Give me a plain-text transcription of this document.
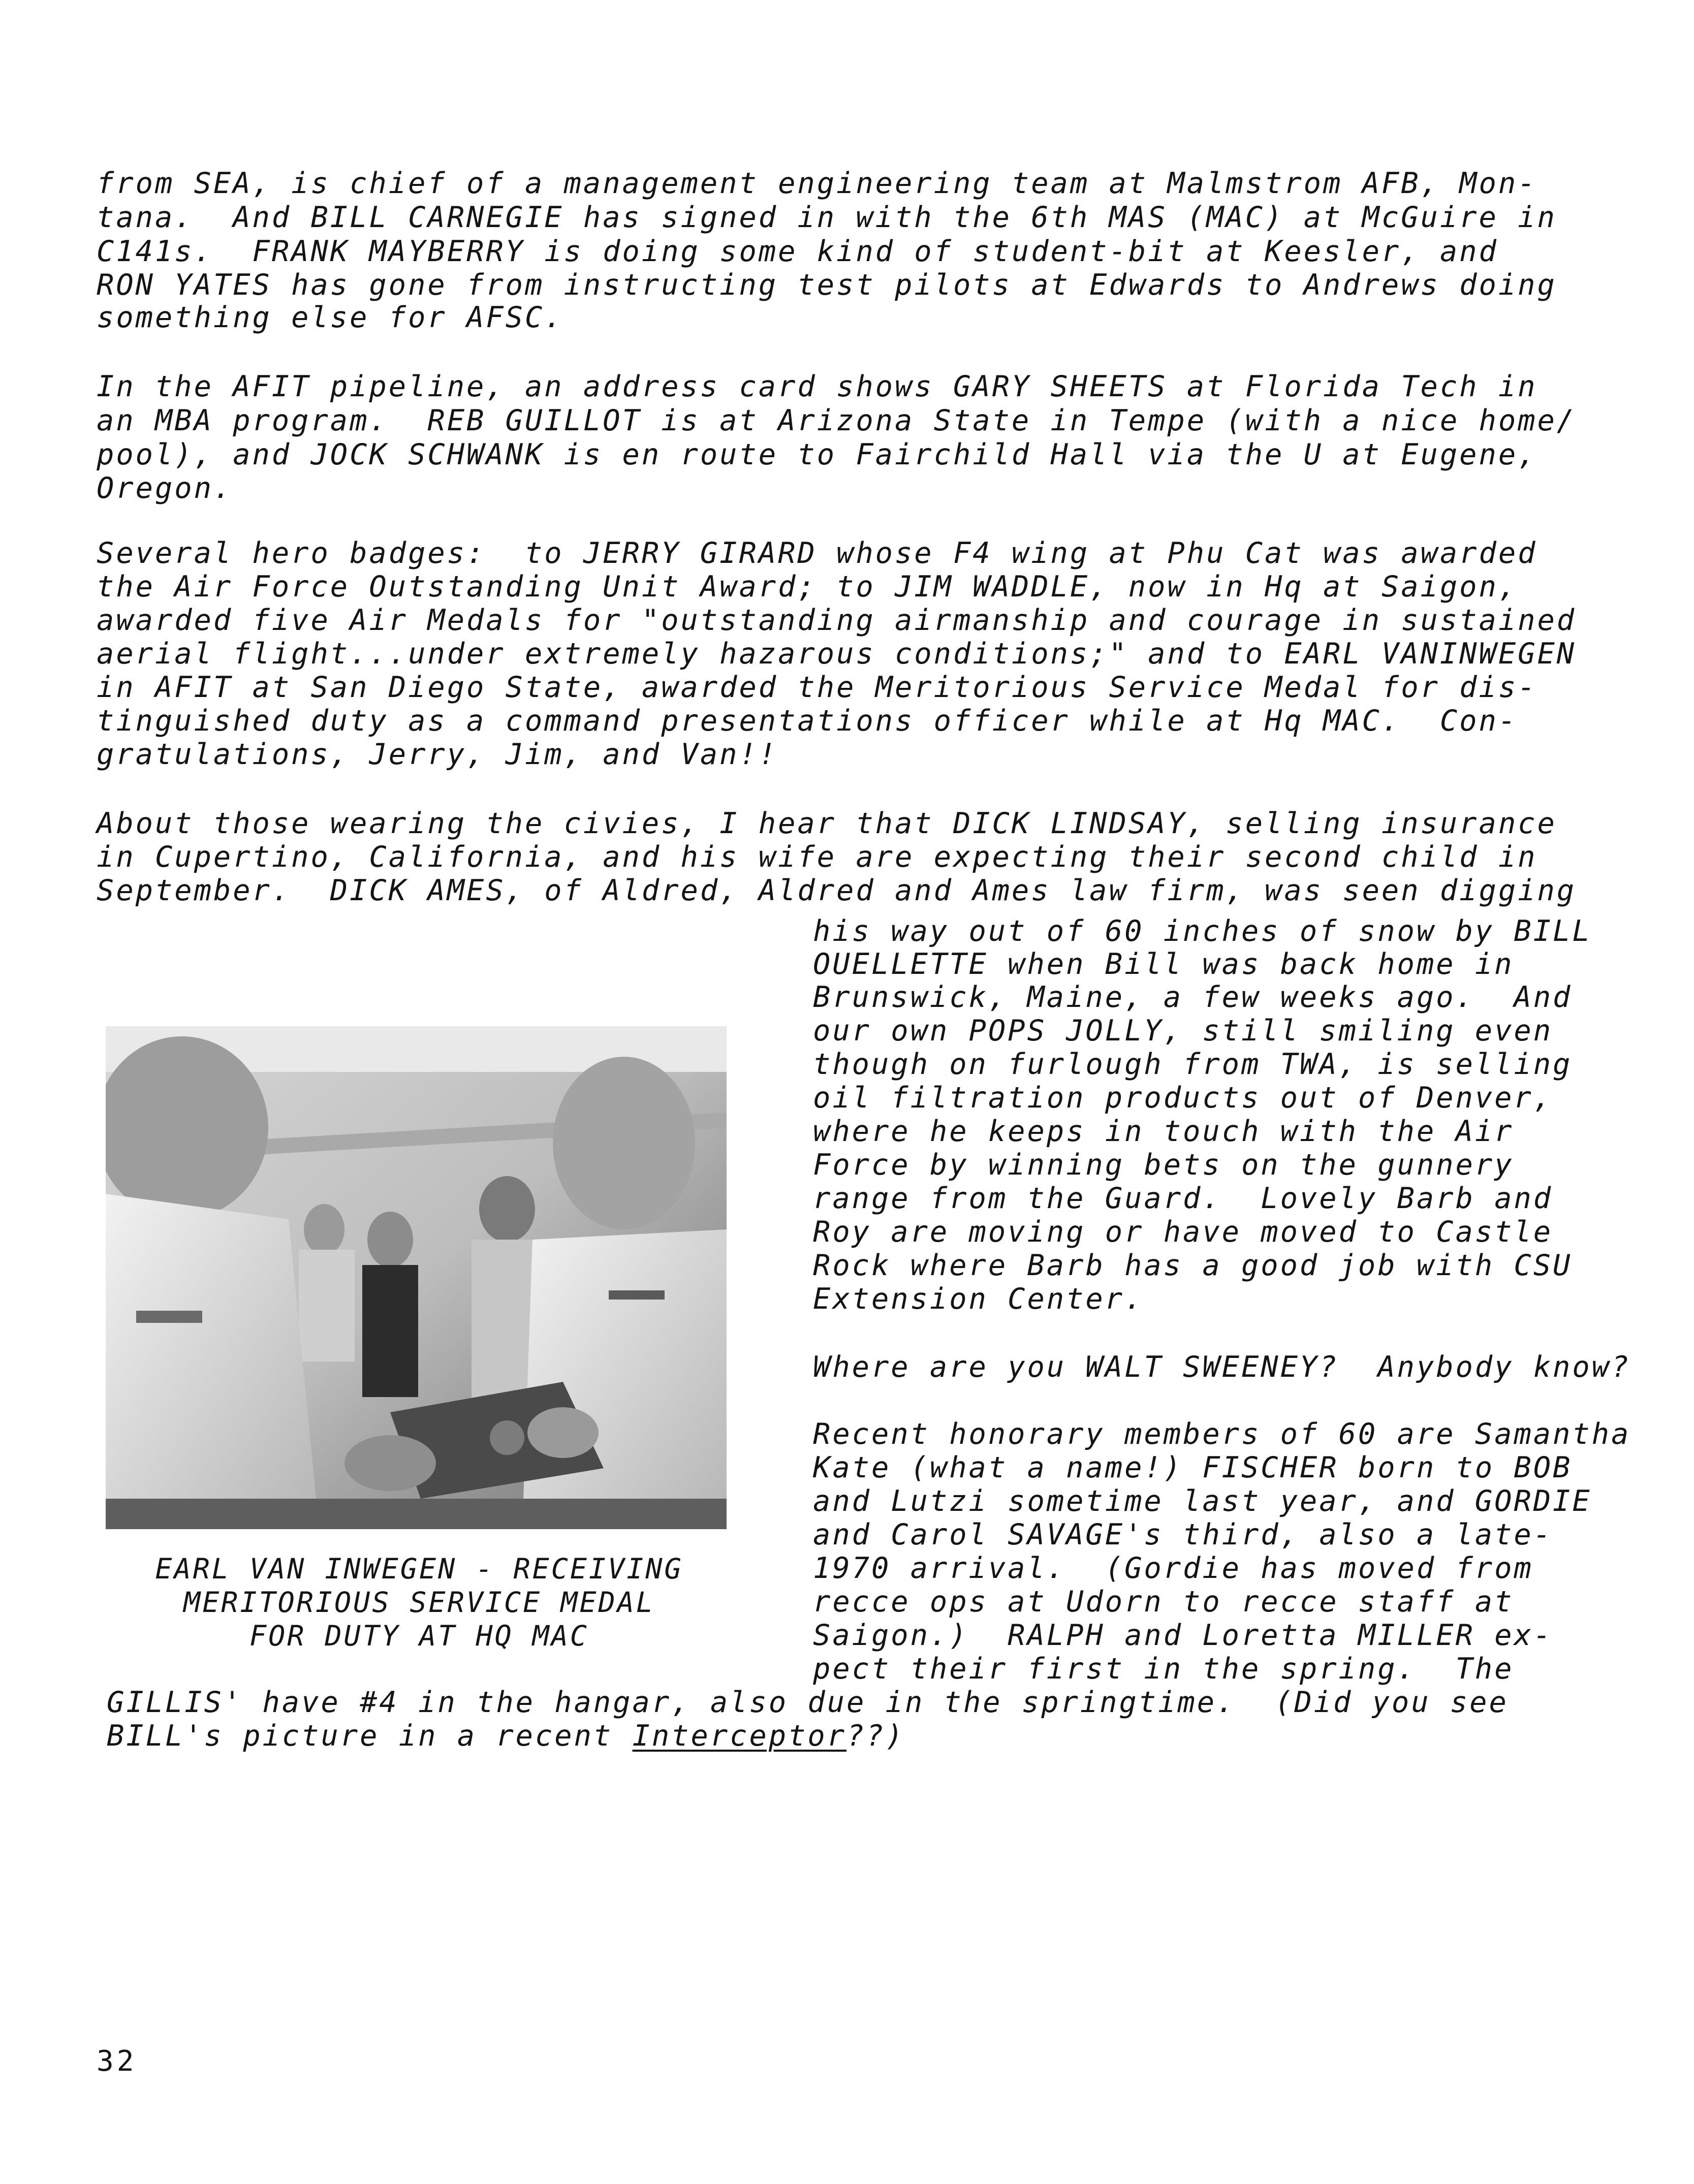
from SEA, is chief of a management engineering team at Malmstrom AFB, Mon-
tana.  And BILL CARNEGIE has signed in with the 6th MAS (MAC) at McGuire in
C141s.  FRANK MAYBERRY is doing some kind of student-bit at Keesler, and
RON YATES has gone from instructing test pilots at Edwards to Andrews doing
something else for AFSC.
In the AFIT pipeline, an address card shows GARY SHEETS at Florida Tech in
an MBA program.  REB GUILLOT is at Arizona State in Tempe (with a nice home/
pool), and JOCK SCHWANK is en route to Fairchild Hall via the U at Eugene,
Oregon.
Several hero badges:  to JERRY GIRARD whose F4 wing at Phu Cat was awarded
the Air Force Outstanding Unit Award; to JIM WADDLE, now in Hq at Saigon,
awarded five Air Medals for "outstanding airmanship and courage in sustained
aerial flight...under extremely hazarous conditions;" and to EARL VANINWEGEN
in AFIT at San Diego State, awarded the Meritorious Service Medal for dis-
tinguished duty as a command presentations officer while at Hq MAC.  Con-
gratulations, Jerry, Jim, and Van!!
About those wearing the civies, I hear that DICK LINDSAY, selling insurance
in Cupertino, California, and his wife are expecting their second child in
September.  DICK AMES, of Aldred, Aldred and Ames law firm, was seen digging
his way out of 60 inches of snow by BILL
OUELLETTE when Bill was back home in
Brunswick, Maine, a few weeks ago.  And
our own POPS JOLLY, still smiling even
though on furlough from TWA, is selling
oil filtration products out of Denver,
where he keeps in touch with the Air
Force by winning bets on the gunnery
range from the Guard.  Lovely Barb and
Roy are moving or have moved to Castle
Rock where Barb has a good job with CSU
Extension Center.
Where are you WALT SWEENEY?  Anybody know?
Recent honorary members of 60 are Samantha
Kate (what a name!) FISCHER born to BOB
and Lutzi sometime last year, and GORDIE
and Carol SAVAGE's third, also a late-
1970 arrival.  (Gordie has moved from
recce ops at Udorn to recce staff at
Saigon.)  RALPH and Loretta MILLER ex-
pect their first in the spring.  The
EARL VAN INWEGEN - RECEIVING
MERITORIOUS SERVICE MEDAL
FOR DUTY AT HQ MAC
GILLIS' have #4 in the hangar, also due in the springtime.  (Did you see
BILL's picture in a recent Interceptor??)
32
